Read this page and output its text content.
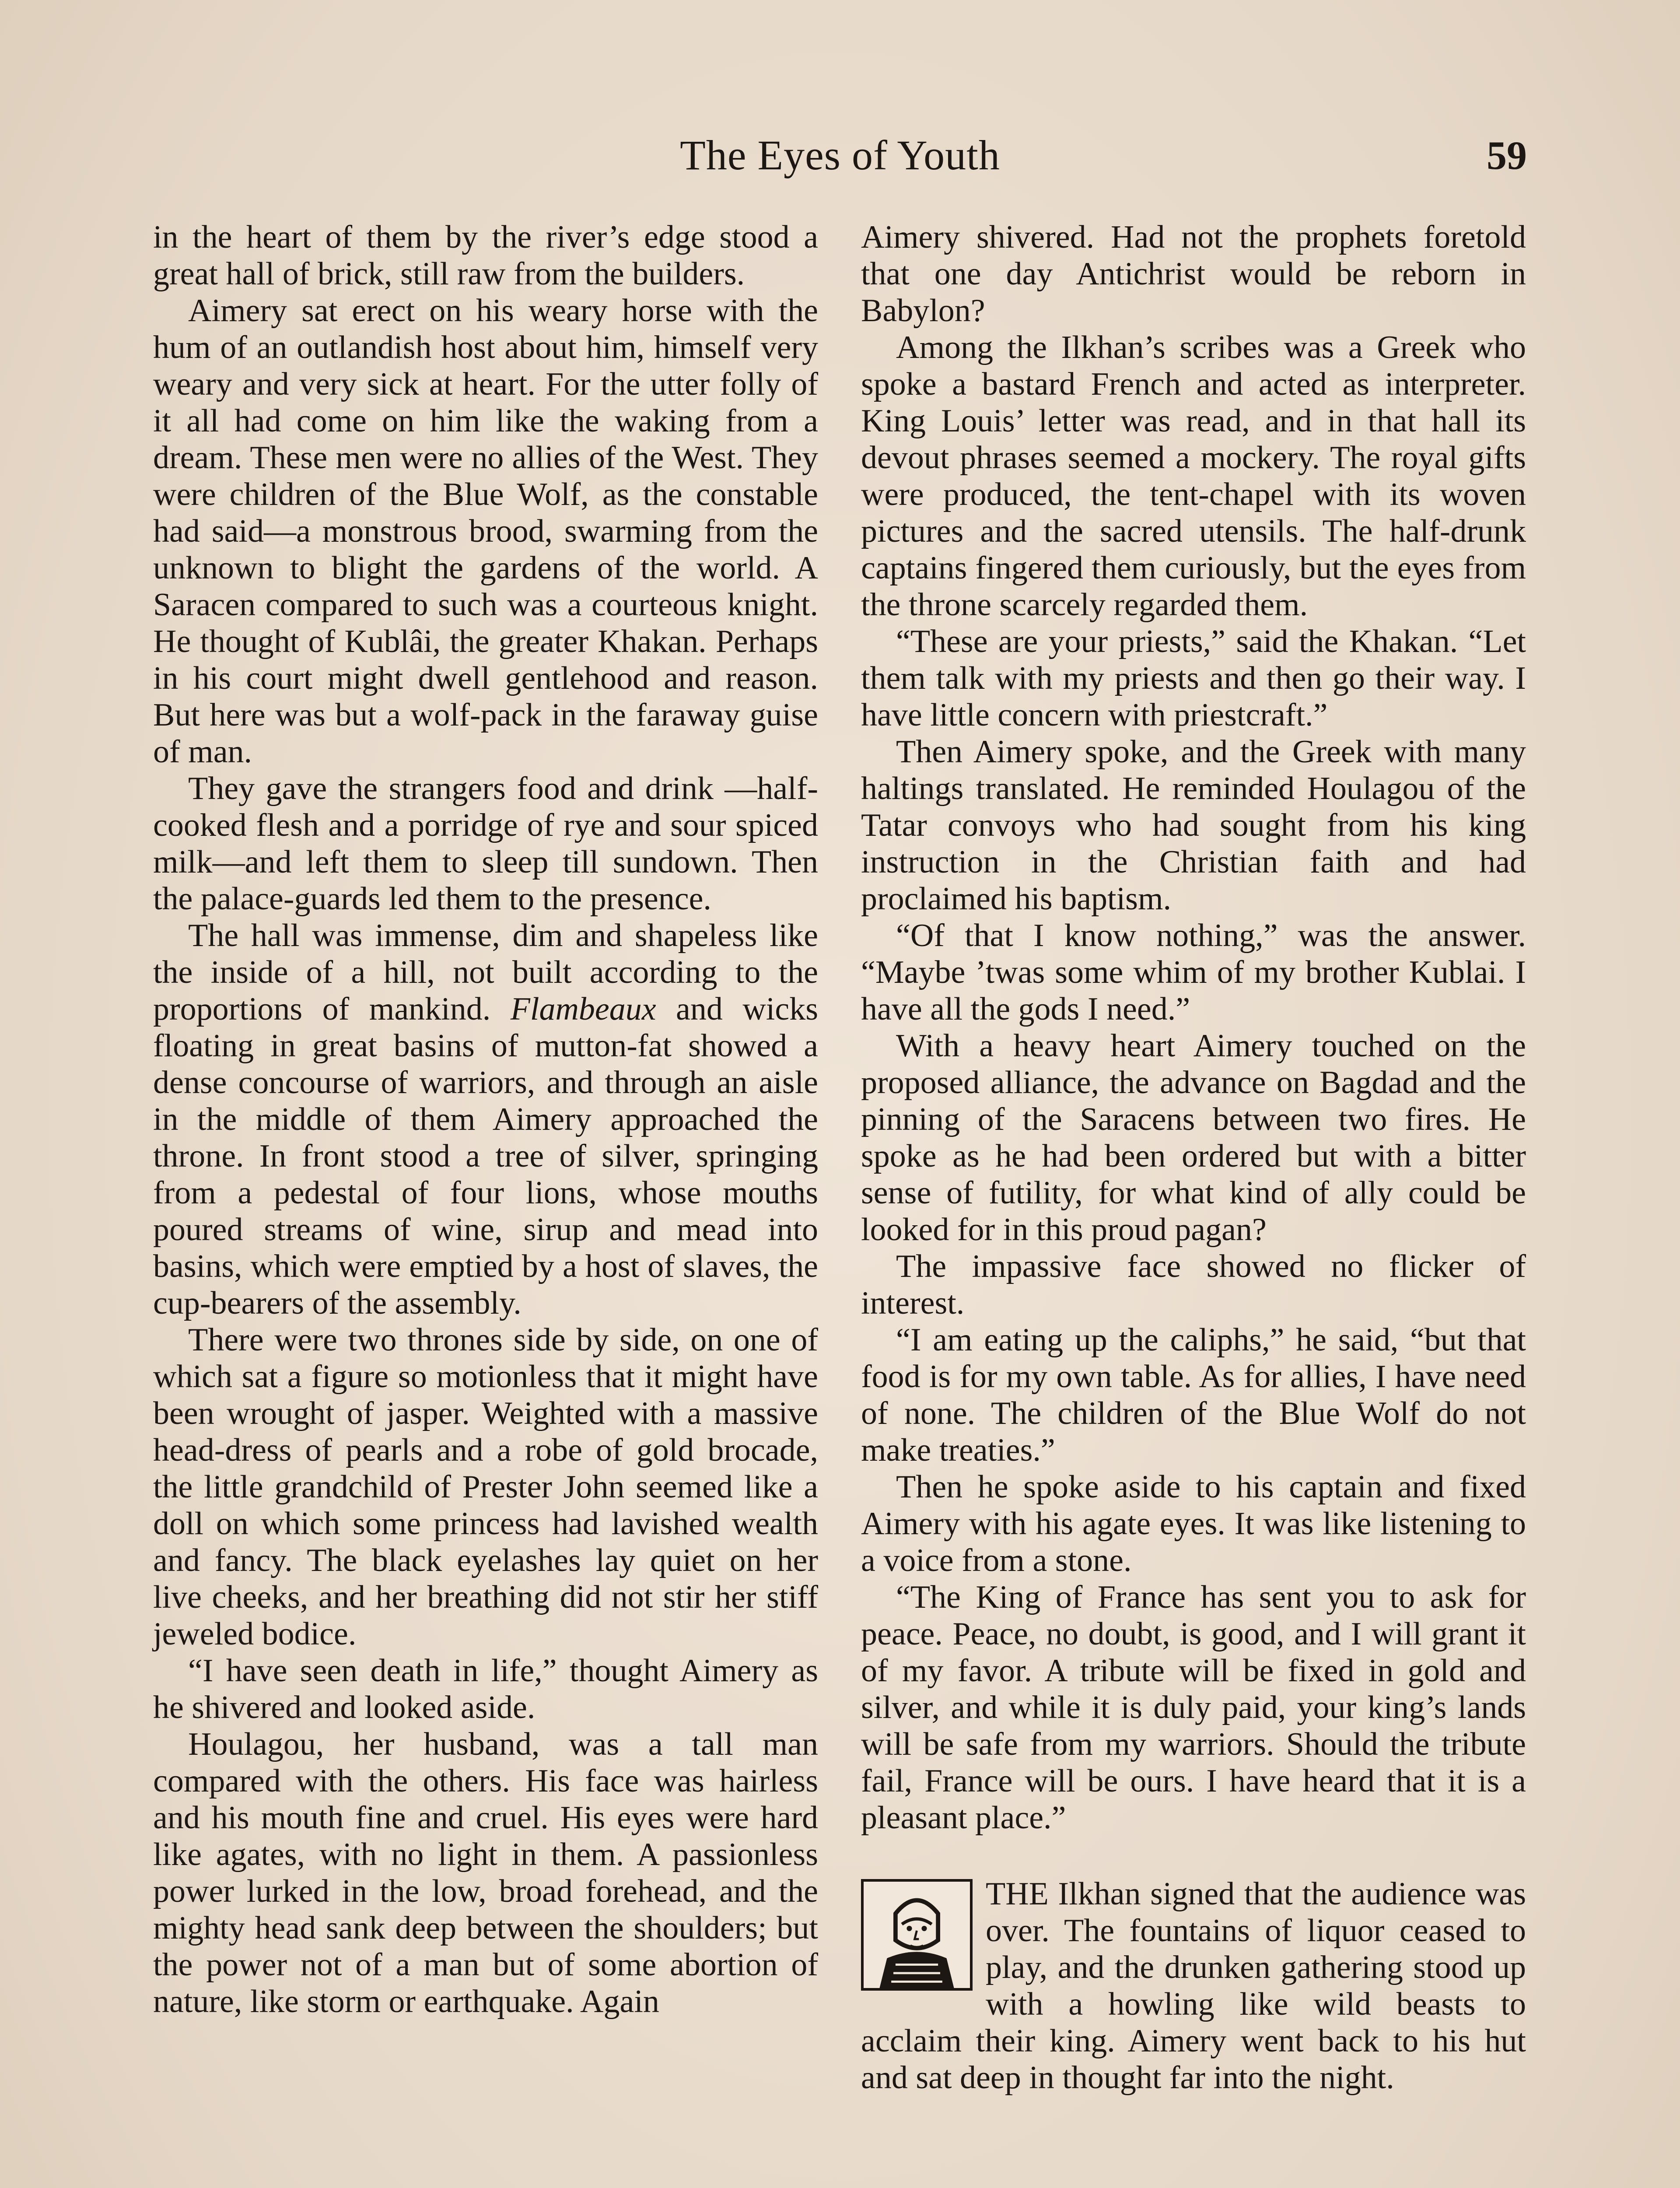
The Eyes of Youth	59

in the heart of them by the river’s edge stood a great hall of brick, still raw from the builders.

Aimery sat erect on his weary horse with the hum of an outlandish host about him, himself very weary and very sick at heart. For the utter folly of it all had come on him like the waking from a dream. These men were no allies of the West. They were children of the Blue Wolf, as the constable had said—a monstrous brood, swarming from the unknown to blight the gardens of the world. A Saracen compared to such was a courteous knight. He thought of Kublâi, the greater Khakan. Perhaps in his court might dwell gentlehood and reason. But here was but a wolf-pack in the faraway guise of man.

They gave the strangers food and drink —half-cooked flesh and a porridge of rye and sour spiced milk—and left them to sleep till sundown. Then the palace-guards led them to the presence.

The hall was immense, dim and shapeless like the inside of a hill, not built according to the proportions of mankind. Flambeaux and wicks floating in great basins of mutton-fat showed a dense concourse of warriors, and through an aisle in the middle of them Aimery approached the throne. In front stood a tree of silver, springing from a pedestal of four lions, whose mouths poured streams of wine, sirup and mead into basins, which were emptied by a host of slaves, the cup-bearers of the assembly.

There were two thrones side by side, on one of which sat a figure so motionless that it might have been wrought of jasper. Weighted with a massive head-dress of pearls and a robe of gold brocade, the little grandchild of Prester John seemed like a doll on which some princess had lavished wealth and fancy. The black eyelashes lay quiet on her live cheeks, and her breathing did not stir her stiff jeweled bodice.

“I have seen death in life,” thought Aimery as he shivered and looked aside.

Houlagou, her husband, was a tall man compared with the others. His face was hairless and his mouth fine and cruel. His eyes were hard like agates, with no light in them. A passionless power lurked in the low, broad forehead, and the mighty head sank deep between the shoulders; but the power not of a man but of some abortion of nature, like storm or earthquake. Again

Aimery shivered. Had not the prophets foretold that one day Antichrist would be reborn in Babylon?

Among the Ilkhan’s scribes was a Greek who spoke a bastard French and acted as interpreter. King Louis’ letter was read, and in that hall its devout phrases seemed a mockery. The royal gifts were produced, the tent-chapel with its woven pictures and the sacred utensils. The half-drunk captains fingered them curiously, but the eyes from the throne scarcely regarded them.

“These are your priests,” said the Khakan. “Let them talk with my priests and then go their way. I have little concern with priestcraft.”

Then Aimery spoke, and the Greek with many haltings translated. He reminded Houlagou of the Tatar convoys who had sought from his king instruction in the Christian faith and had proclaimed his baptism.

“Of that I know nothing,” was the answer. “Maybe ’twas some whim of my brother Kublai. I have all the gods I need.”

With a heavy heart Aimery touched on the proposed alliance, the advance on Bagdad and the pinning of the Saracens between two fires. He spoke as he had been ordered but with a bitter sense of futility, for what kind of ally could be looked for in this proud pagan?

The impassive face showed no flicker of interest.

“I am eating up the caliphs,” he said, “but that food is for my own table. As for allies, I have need of none. The children of the Blue Wolf do not make treaties.”

Then he spoke aside to his captain and fixed Aimery with his agate eyes. It was like listening to a voice from a stone.

“The King of France has sent you to ask for peace. Peace, no doubt, is good, and I will grant it of my favor. A tribute will be fixed in gold and silver, and while it is duly paid, your king’s lands will be safe from my warriors. Should the tribute fail, France will be ours. I have heard that it is a pleasant place.”

THE Ilkhan signed that the audience was over. The fountains of liquor ceased to play, and the drunken gathering stood up with a howling like wild beasts to acclaim their king. Aimery went back to his hut and sat deep in thought far into the night.
